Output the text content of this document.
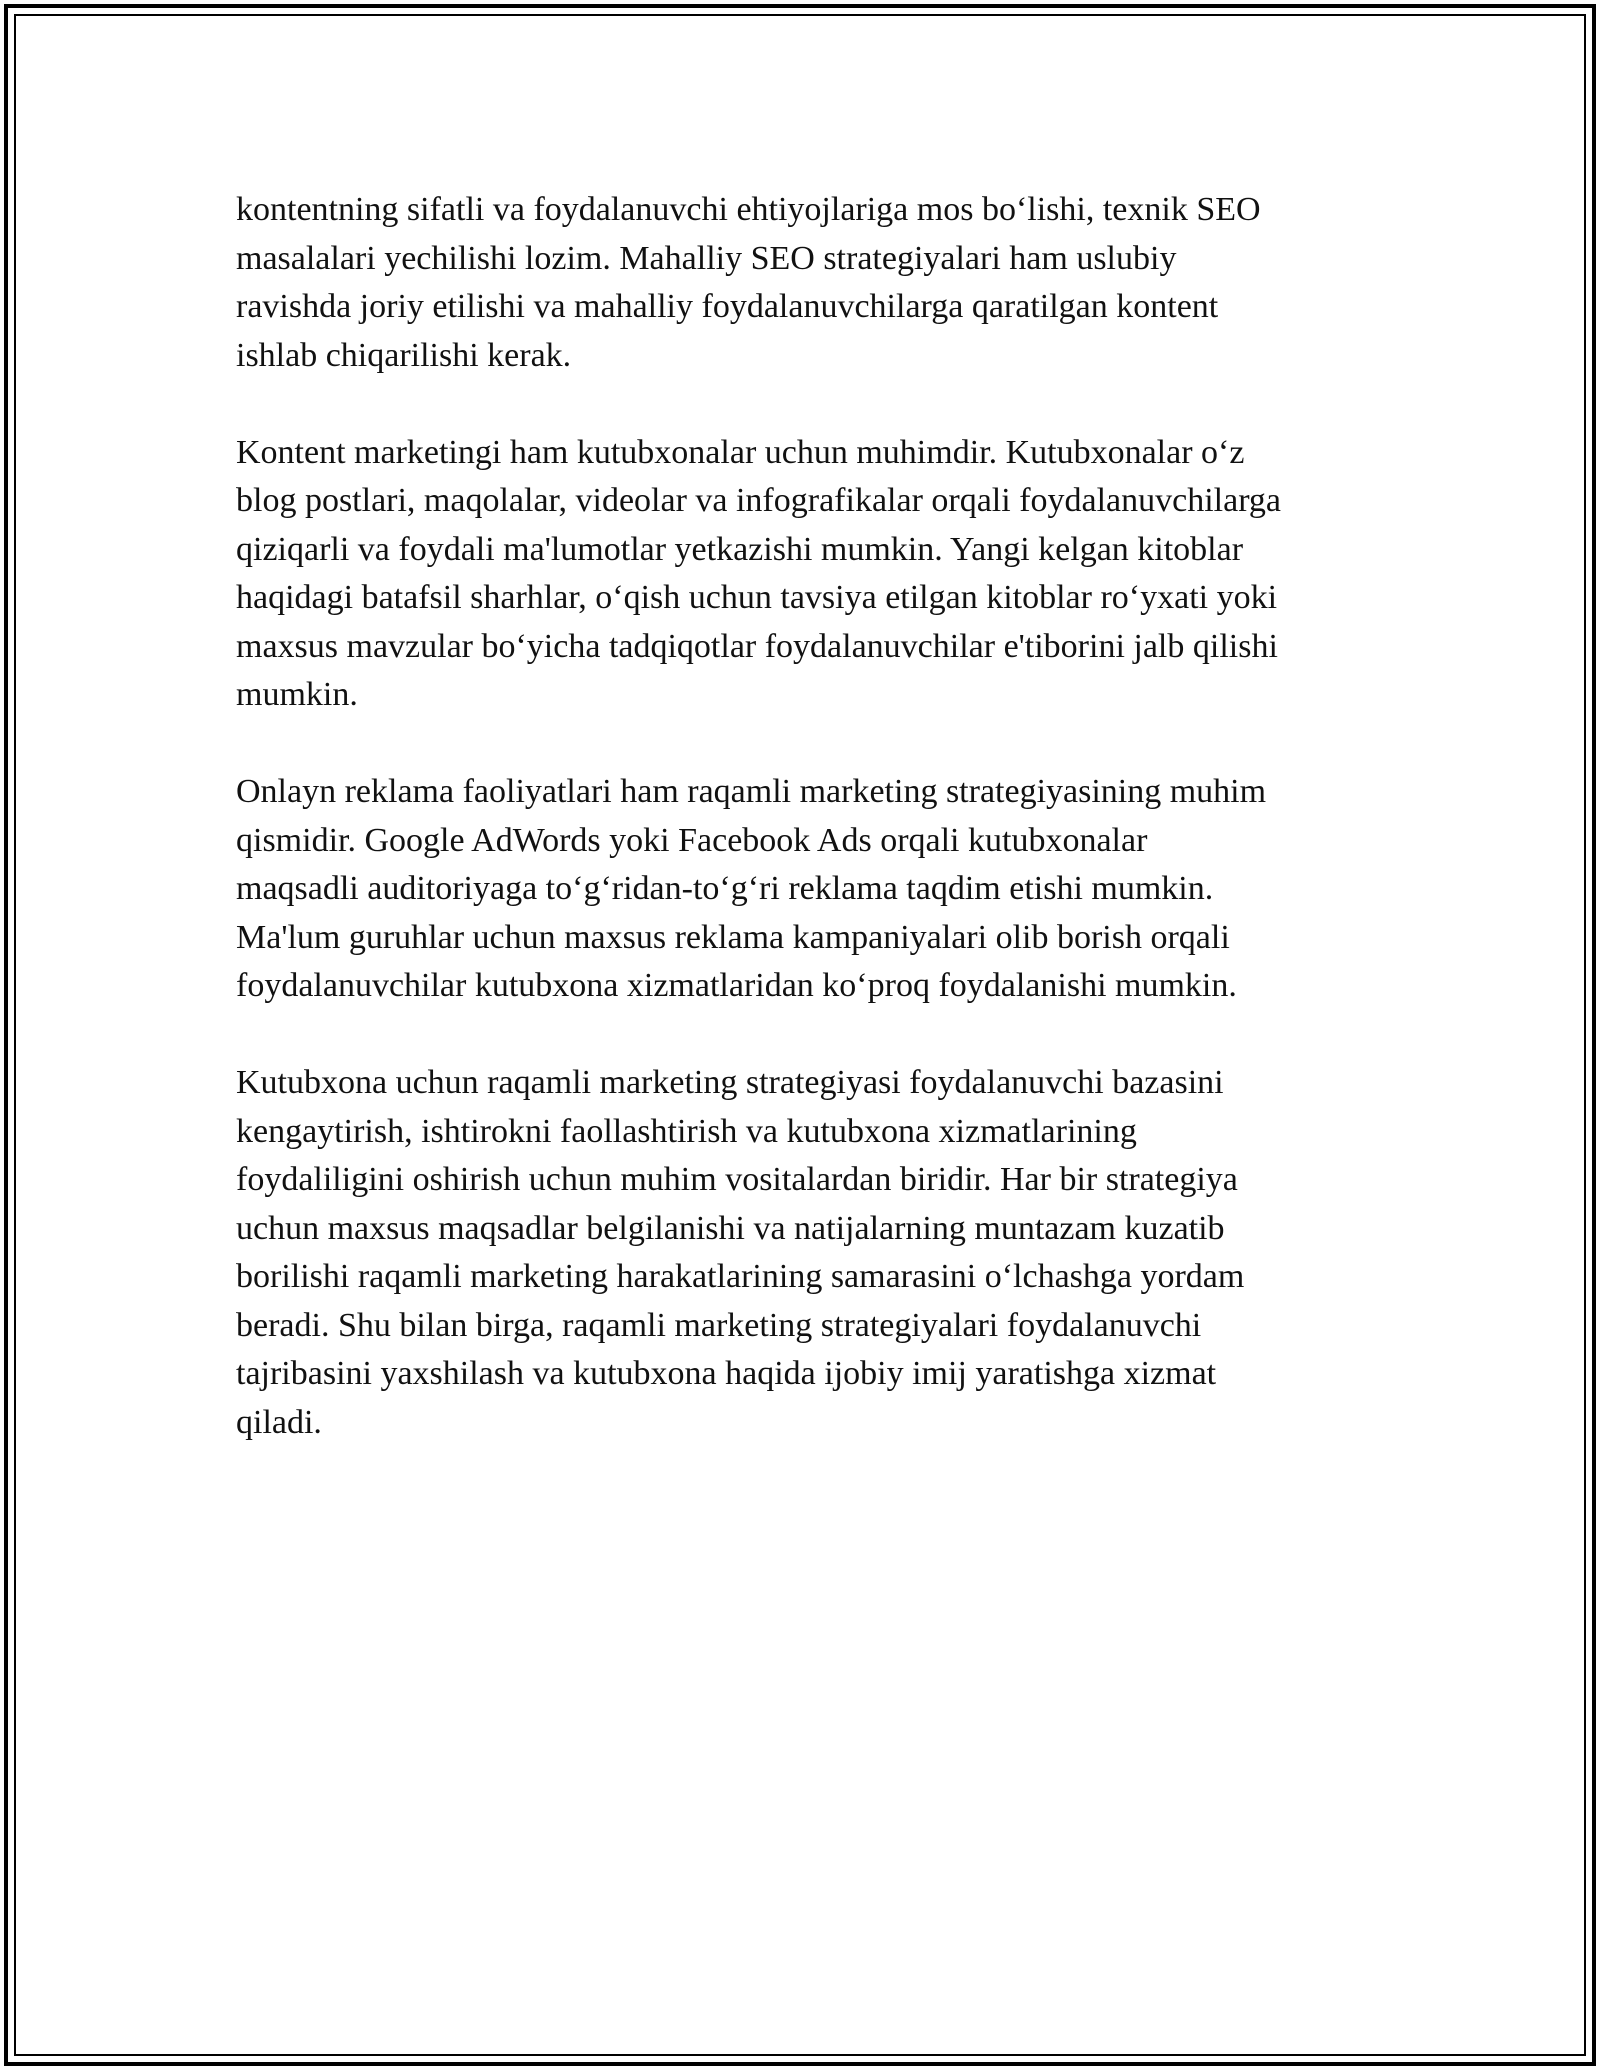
kontentning sifatli va foydalanuvchi ehtiyojlariga mos bo‘lishi, texnik SEO
masalalari yechilishi lozim. Mahalliy SEO strategiyalari ham uslubiy
ravishda joriy etilishi va mahalliy foydalanuvchilarga qaratilgan kontent
ishlab chiqarilishi kerak.

Kontent marketingi ham kutubxonalar uchun muhimdir. Kutubxonalar o‘z
blog postlari, maqolalar, videolar va infografikalar orqali foydalanuvchilarga
qiziqarli va foydali ma'lumotlar yetkazishi mumkin. Yangi kelgan kitoblar
haqidagi batafsil sharhlar, o‘qish uchun tavsiya etilgan kitoblar ro‘yxati yoki
maxsus mavzular bo‘yicha tadqiqotlar foydalanuvchilar e'tiborini jalb qilishi
mumkin.

Onlayn reklama faoliyatlari ham raqamli marketing strategiyasining muhim
qismidir. Google AdWords yoki Facebook Ads orqali kutubxonalar
maqsadli auditoriyaga to‘g‘ridan-to‘g‘ri reklama taqdim etishi mumkin.
Ma'lum guruhlar uchun maxsus reklama kampaniyalari olib borish orqali
foydalanuvchilar kutubxona xizmatlaridan ko‘proq foydalanishi mumkin.

Kutubxona uchun raqamli marketing strategiyasi foydalanuvchi bazasini
kengaytirish, ishtirokni faollashtirish va kutubxona xizmatlarining
foydaliligini oshirish uchun muhim vositalardan biridir. Har bir strategiya
uchun maxsus maqsadlar belgilanishi va natijalarning muntazam kuzatib
borilishi raqamli marketing harakatlarining samarasini o‘lchashga yordam
beradi. Shu bilan birga, raqamli marketing strategiyalari foydalanuvchi
tajribasini yaxshilash va kutubxona haqida ijobiy imij yaratishga xizmat
qiladi.
